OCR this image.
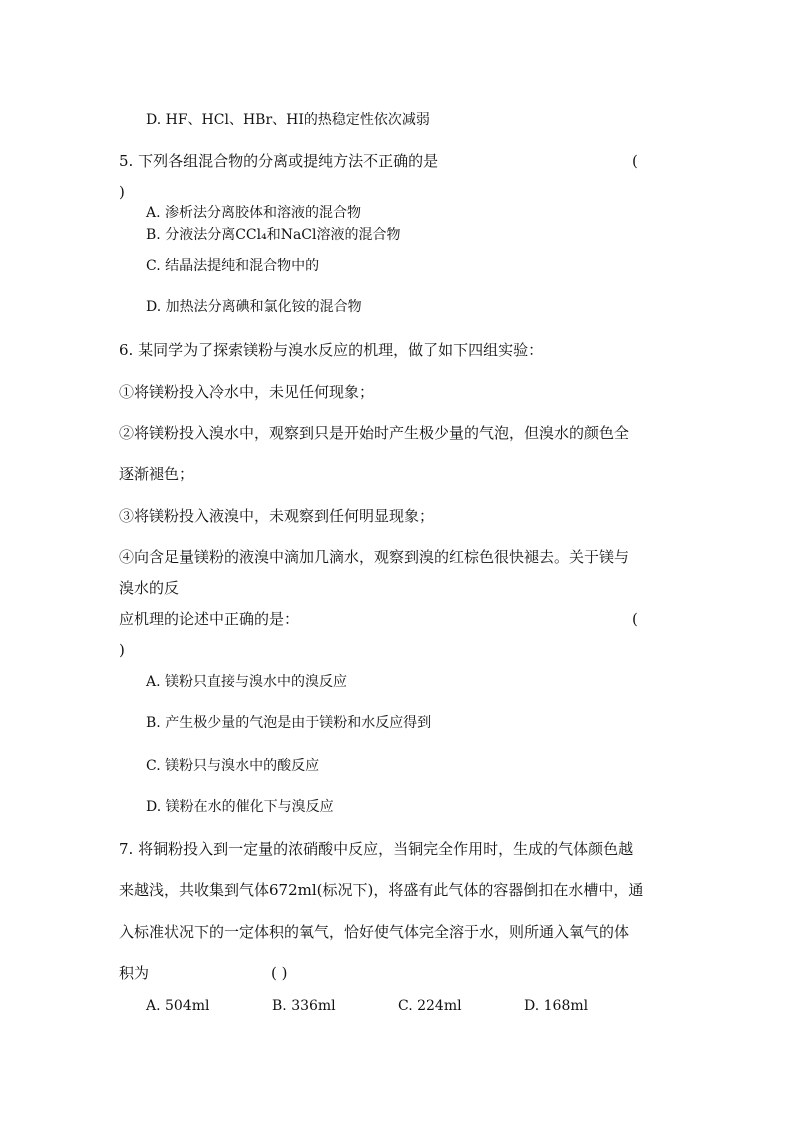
D. HF、HCl、HBr、HI的热稳定性依次减弱
5. 下列各组混合物的分离或提纯方法不正确的是	(
)
A. 渗析法分离胶体和溶液的混合物
B. 分液法分离CCl₄和NaCl溶液的混合物
C. 结晶法提纯和混合物中的
D. 加热法分离碘和氯化铵的混合物
6. 某同学为了探索镁粉与溴水反应的机理，做了如下四组实验：
①将镁粉投入冷水中，未见任何现象；
②将镁粉投入溴水中，观察到只是开始时产生极少量的气泡，但溴水的颜色全
逐渐褪色；
③将镁粉投入液溴中，未观察到任何明显现象；
④向含足量镁粉的液溴中滴加几滴水，观察到溴的红棕色很快褪去。关于镁与
溴水的反
应机理的论述中正确的是：	(
)
A. 镁粉只直接与溴水中的溴反应
B. 产生极少量的气泡是由于镁粉和水反应得到
C. 镁粉只与溴水中的酸反应
D. 镁粉在水的催化下与溴反应
7. 将铜粉投入到一定量的浓硝酸中反应，当铜完全作用时，生成的气体颜色越
来越浅，共收集到气体672ml(标况下)，将盛有此气体的容器倒扣在水槽中，通
入标准状况下的一定体积的氧气，恰好使气体完全溶于水，则所通入氧气的体
积为	( )
A. 504ml	B. 336ml	C. 224ml	D. 168ml
